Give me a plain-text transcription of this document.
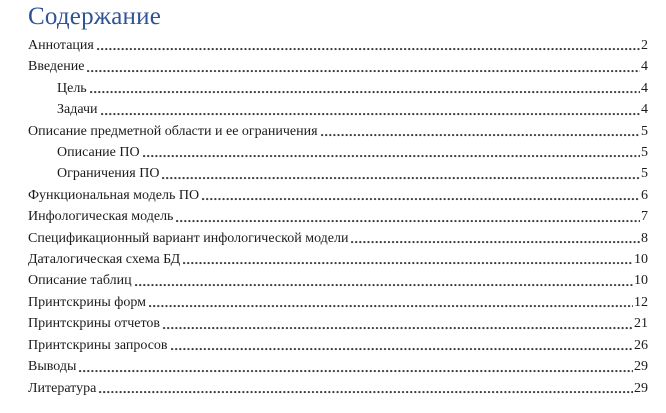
Содержание
Аннотация	2
Введение	4
Цель	4
Задачи	4
Описание предметной области и ее ограничения	5
Описание ПО	5
Ограничения ПО	5
Функциональная модель ПО	6
Инфологическая модель	7
Спецификационный вариант инфологической модели	8
Даталогическая схема БД	10
Описание таблиц	10
Принтскрины форм	12
Принтскрины отчетов	21
Принтскрины запросов	26
Выводы	29
Литература	29
